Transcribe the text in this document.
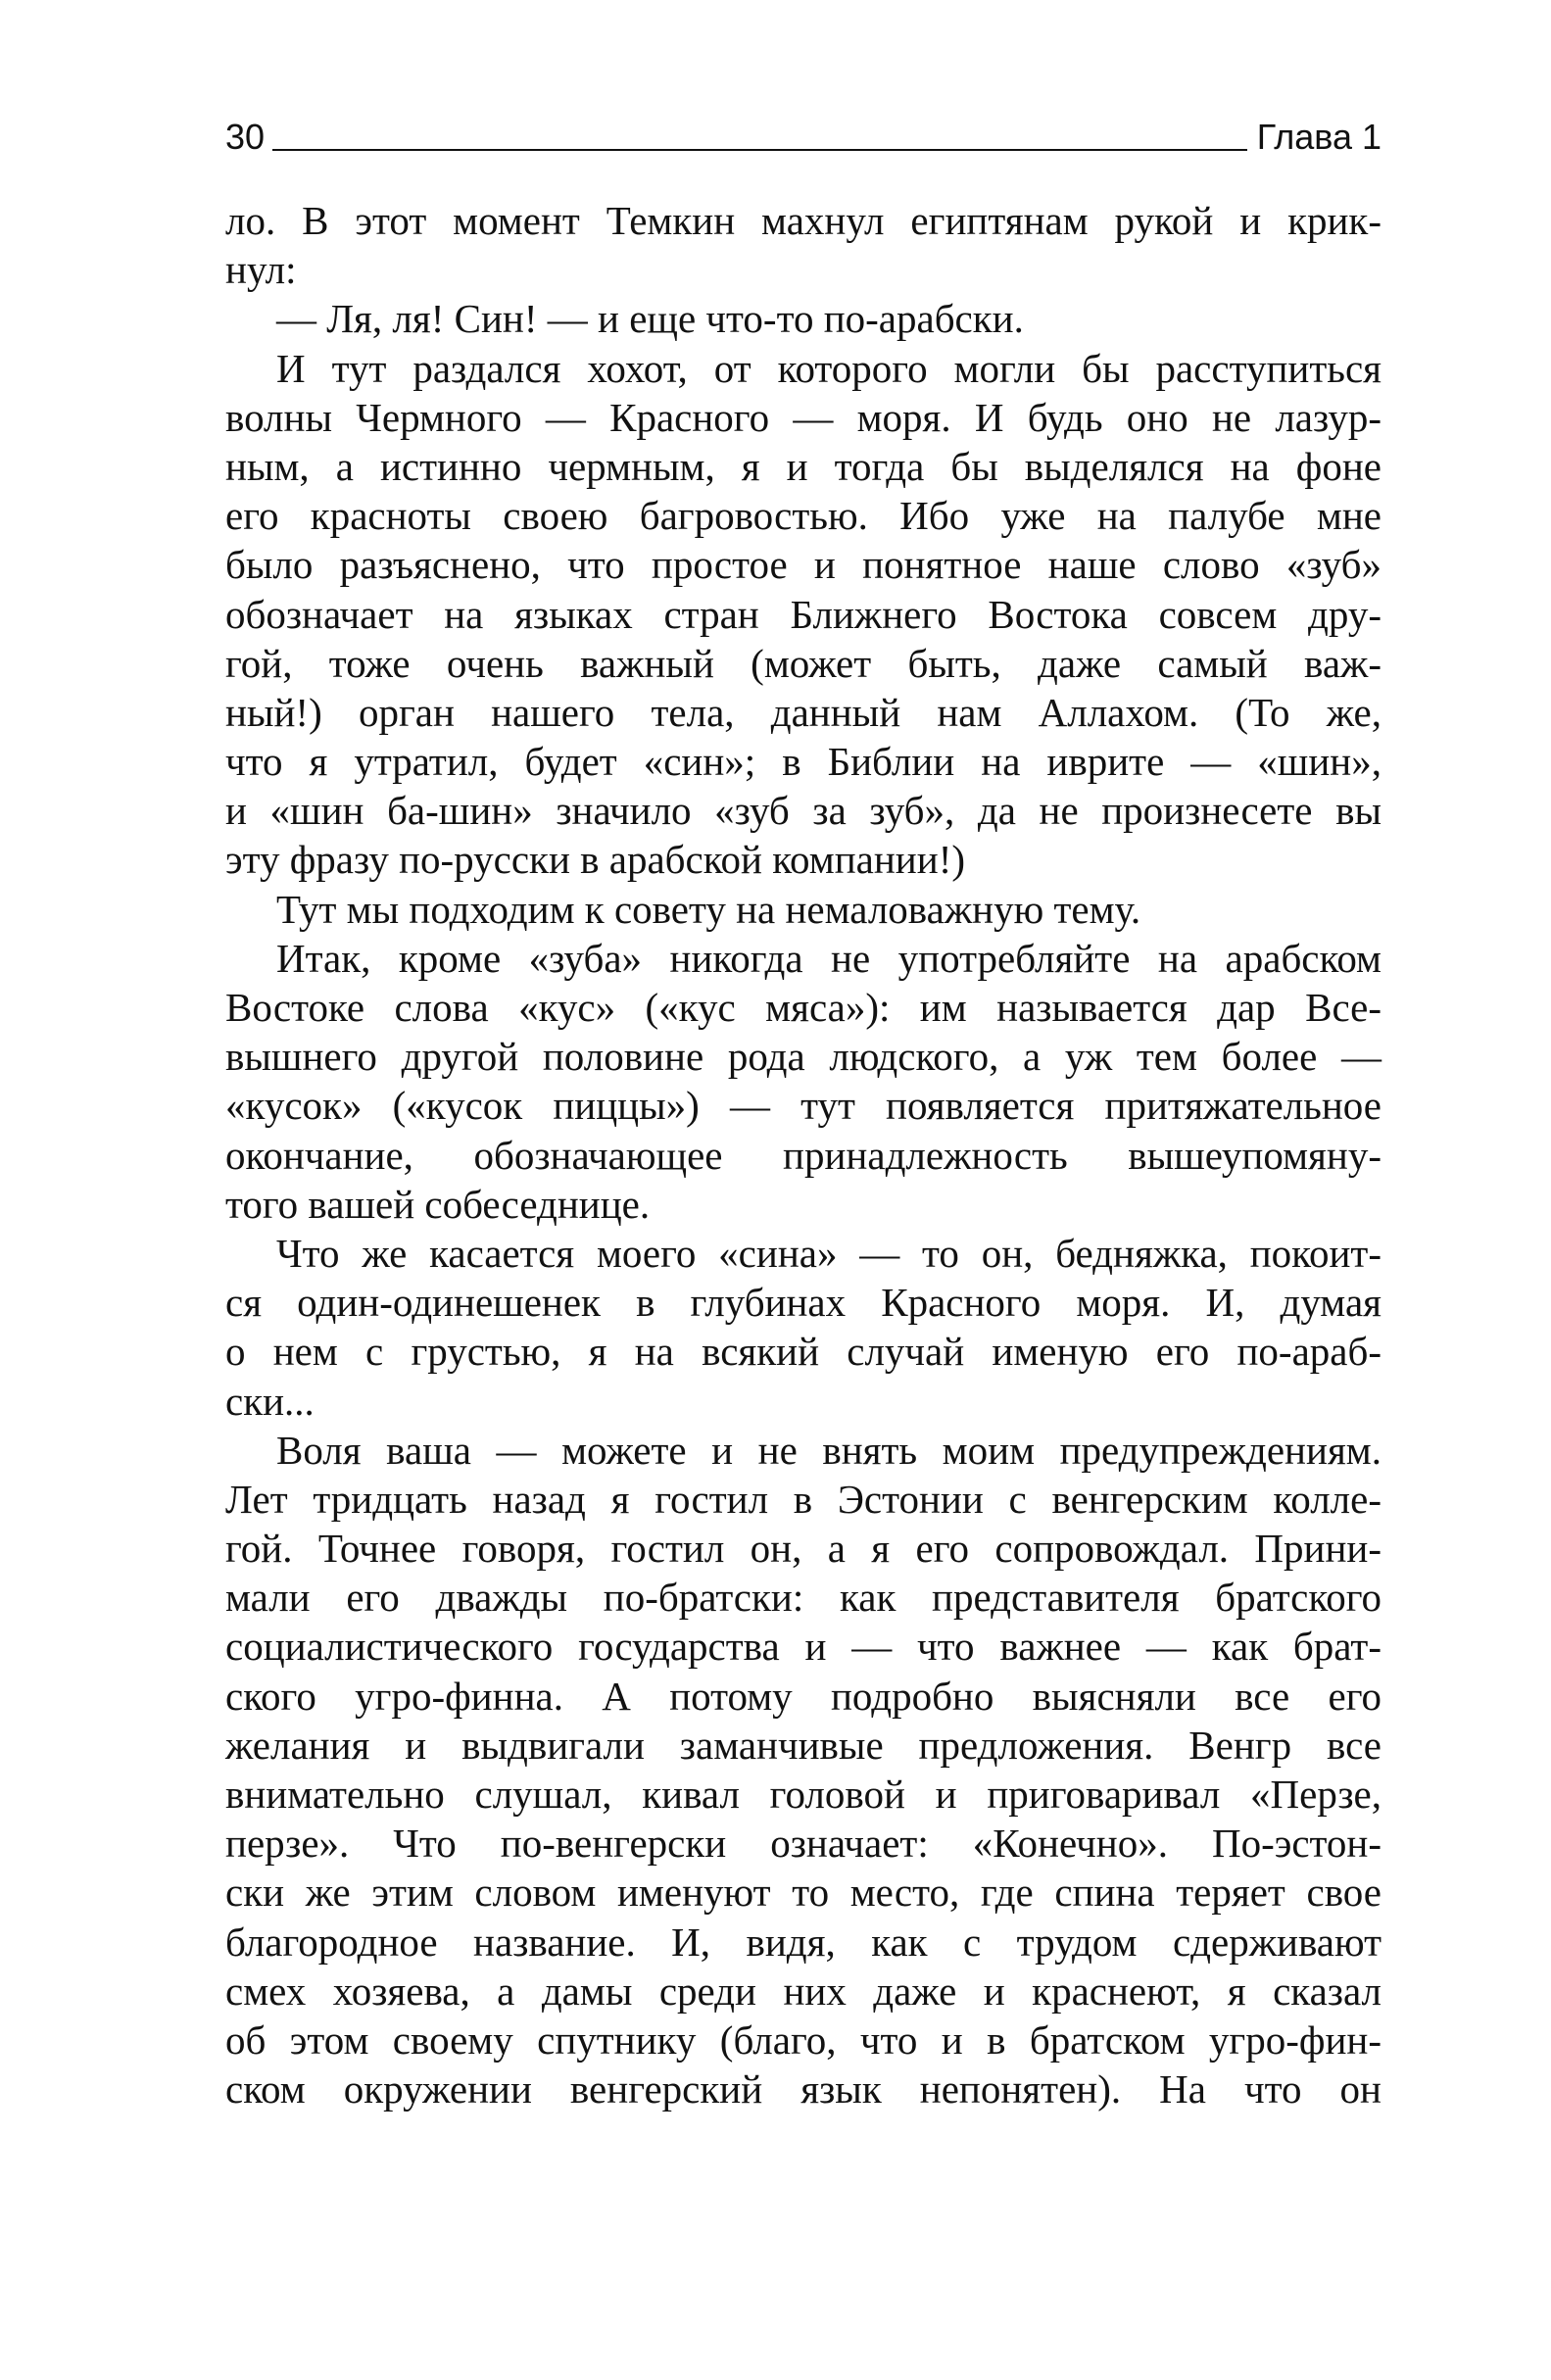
30	Глава 1
ло. В этот момент Темкин махнул египтянам рукой и крик-
нул:
— Ля, ля! Син! — и еще что-то по-арабски.
И тут раздался хохот, от которого могли бы расступиться
волны Чермного — Красного — моря. И будь оно не лазур-
ным, а истинно чермным, я и тогда бы выделялся на фоне
его красноты своею багровостью. Ибо уже на палубе мне
было разъяснено, что простое и понятное наше слово «зуб»
обозначает на языках стран Ближнего Востока совсем дру-
гой, тоже очень важный (может быть, даже самый важ-
ный!) орган нашего тела, данный нам Аллахом. (То же,
что я утратил, будет «син»; в Библии на иврите — «шин»,
и «шин ба-шин» значило «зуб за зуб», да не произнесете вы
эту фразу по-русски в арабской компании!)
Тут мы подходим к совету на немаловажную тему.
Итак, кроме «зуба» никогда не употребляйте на арабском
Востоке слова «кус» («кус мяса»): им называется дар Все-
вышнего другой половине рода людского, а уж тем более —
«кусок» («кусок пиццы») — тут появляется притяжательное
окончание, обозначающее принадлежность вышеупомяну-
того вашей собеседнице.
Что же касается моего «сина» — то он, бедняжка, покоит-
ся один-одинешенек в глубинах Красного моря. И, думая
о нем с грустью, я на всякий случай именую его по-араб-
ски...
Воля ваша — можете и не внять моим предупреждениям.
Лет тридцать назад я гостил в Эстонии с венгерским колле-
гой. Точнее говоря, гостил он, а я его сопровождал. Прини-
мали его дважды по-братски: как представителя братского
социалистического государства и — что важнее — как брат-
ского угро-финна. А потому подробно выясняли все его
желания и выдвигали заманчивые предложения. Венгр все
внимательно слушал, кивал головой и приговаривал «Перзе,
перзе». Что по-венгерски означает: «Конечно». По-эстон-
ски же этим словом именуют то место, где спина теряет свое
благородное название. И, видя, как с трудом сдерживают
смех хозяева, а дамы среди них даже и краснеют, я сказал
об этом своему спутнику (благо, что и в братском угро-фин-
ском окружении венгерский язык непонятен). На что он
